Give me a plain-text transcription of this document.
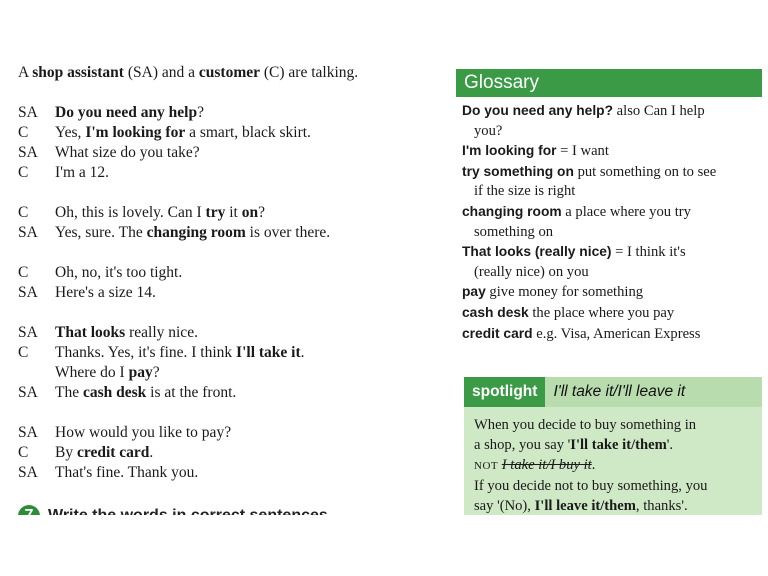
A shop assistant (SA) and a customer (C) are talking.
SA	Do you need any help?
C	Yes, I'm looking for a smart, black skirt.
SA	What size do you take?
C	I'm a 12.
C	Oh, this is lovely. Can I try it on?
SA	Yes, sure. The changing room is over there.
C	Oh, no, it's too tight.
SA	Here's a size 14.
SA	That looks really nice.
C	Thanks. Yes, it's fine. I think I'll take it.
Where do I pay?
SA	The cash desk is at the front.
SA	How would you like to pay?
C	By credit card.
SA	That's fine. Thank you.
Glossary
Do you need any help? also Can I help
you?
I'm looking for = I want
try something on put something on to see
if the size is right
changing room a place where you try
something on
That looks (really nice) = I think it's
(really nice) on you
pay give money for something
cash desk the place where you pay
credit card e.g. Visa, American Express
spotlight	I'll take it/I'll leave it
When you decide to buy something in
a shop, you say 'I'll take it/them'.
NOT I take it/I buy it.
If you decide not to buy something, you
say '(No), I'll leave it/them, thanks'.
